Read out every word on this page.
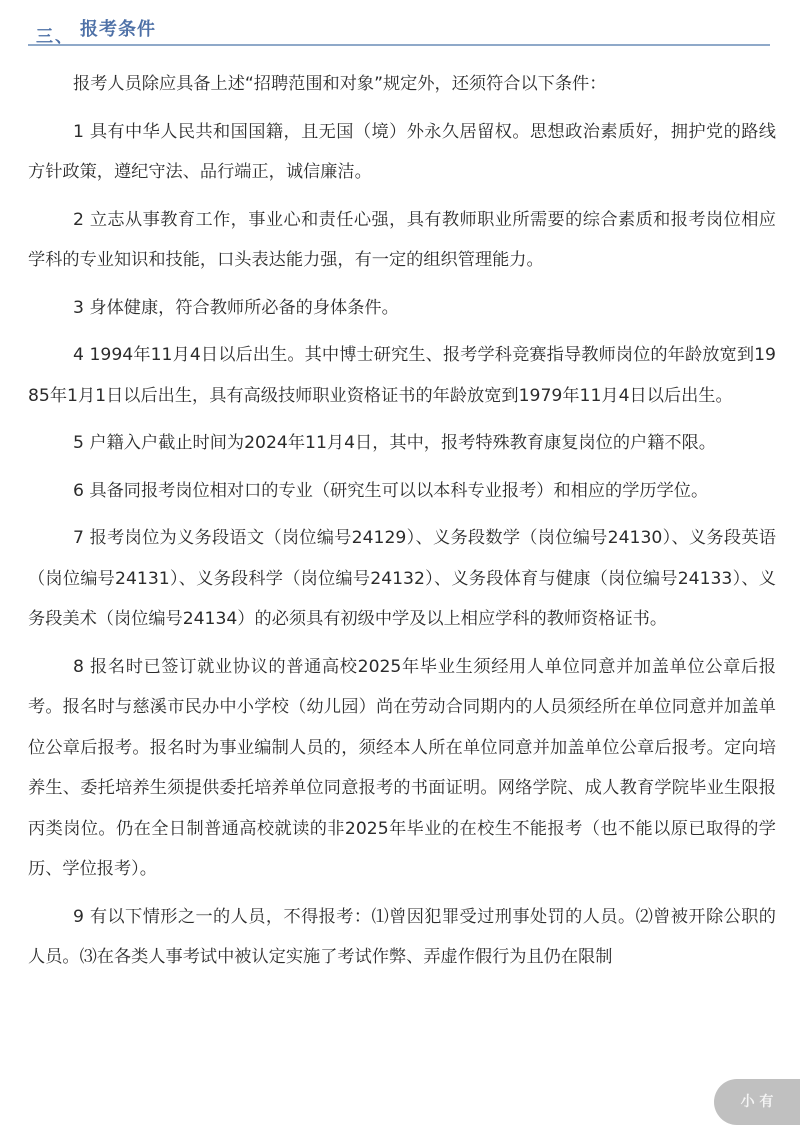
三、 报考条件

报考人员除应具备上述“招聘范围和对象”规定外，还须符合以下条件：

1 具有中华人民共和国国籍，且无国（境）外永久居留权。思想政治素质好，拥护党的路线方针政策，遵纪守法、品行端正，诚信廉洁。

2 立志从事教育工作，事业心和责任心强，具有教师职业所需要的综合素质和报考岗位相应学科的专业知识和技能，口头表达能力强，有一定的组织管理能力。

3 身体健康，符合教师所必备的身体条件。

4 1994年11月4日以后出生。其中博士研究生、报考学科竞赛指导教师岗位的年龄放宽到1985年1月1日以后出生，具有高级技师职业资格证书的年龄放宽到1979年11月4日以后出生。

5 户籍入户截止时间为2024年11月4日，其中，报考特殊教育康复岗位的户籍不限。

6 具备同报考岗位相对口的专业（研究生可以以本科专业报考）和相应的学历学位。

7 报考岗位为义务段语文（岗位编号24129）、义务段数学（岗位编号24130）、义务段英语（岗位编号24131）、义务段科学（岗位编号24132）、义务段体育与健康（岗位编号24133）、义务段美术（岗位编号24134）的必须具有初级中学及以上相应学科的教师资格证书。

8 报名时已签订就业协议的普通高校2025年毕业生须经用人单位同意并加盖单位公章后报考。报名时与慈溪市民办中小学校（幼儿园）尚在劳动合同期内的人员须经所在单位同意并加盖单位公章后报考。报名时为事业编制人员的，须经本人所在单位同意并加盖单位公章后报考。定向培养生、委托培养生须提供委托培养单位同意报考的书面证明。网络学院、成人教育学院毕业生限报丙类岗位。仍在全日制普通高校就读的非2025年毕业的在校生不能报考（也不能以原已取得的学历、学位报考）。

9 有以下情形之一的人员，不得报考：⑴曾因犯罪受过刑事处罚的人员。⑵曾被开除公职的人员。⑶在各类人事考试中被认定实施了考试作弊、弄虚作假行为且仍在限制

小 有
